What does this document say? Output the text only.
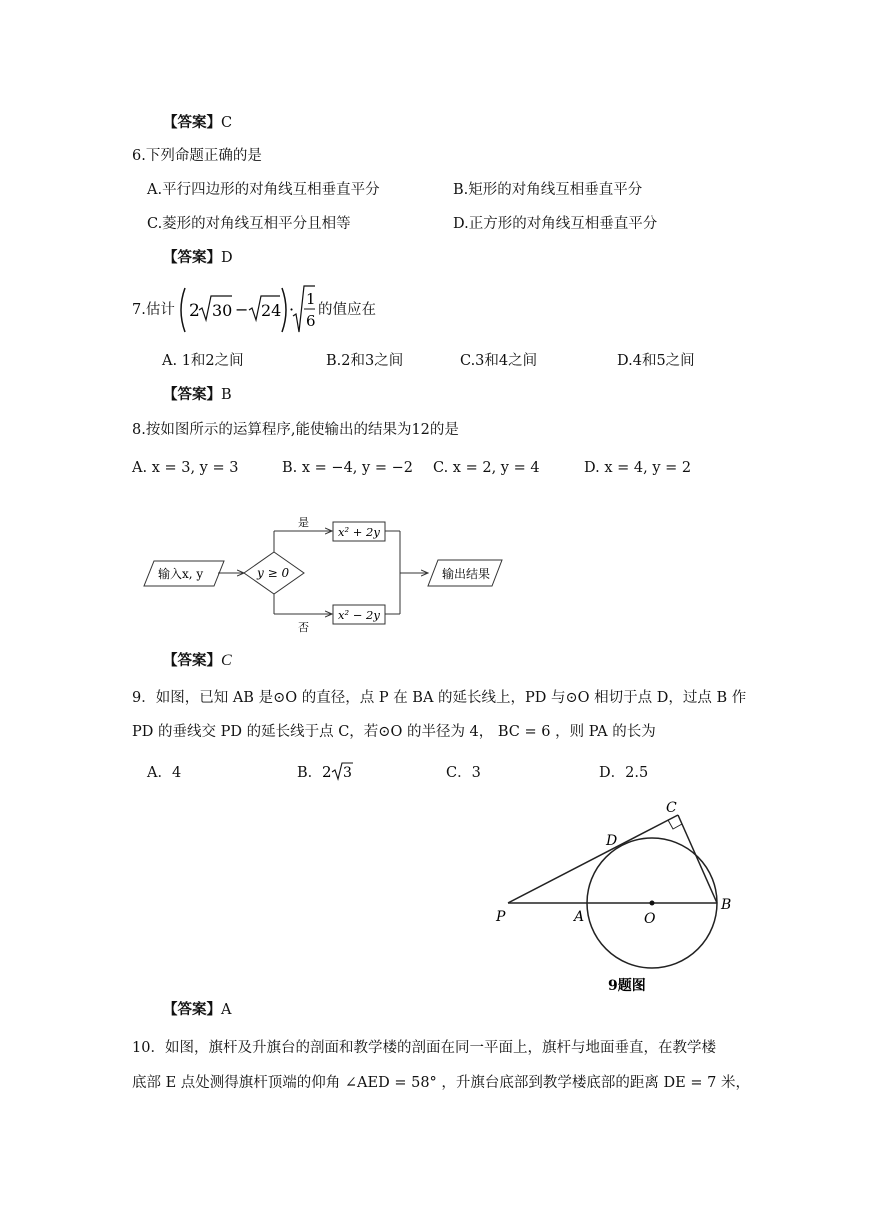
【答案】C
6.下列命题正确的是
A.平行四边形的对角线互相垂直平分	B.矩形的对角线互相垂直平分
C.菱形的对角线互相平分且相等	D.正方形的对角线互相垂直平分
【答案】D
7.估计 2 30 − 24 ·
1
6
的值应在
A. 1和2之间	B.2和3之间	C.3和4之间	D.4和5之间
【答案】B
8.按如图所示的运算程序,能使输出的结果为12的是
A. x = 3, y = 3	B. x = −4, y = −2 C. x = 2, y = 4	D. x = 4, y = 2
输入x, y	y ≥ 0
是
x² + 2y
否
x² − 2y
输出结果
【答案】C
9．如图，已知 AB 是⊙O 的直径，点 P 在 BA 的延长线上，PD 与⊙O 相切于点 D，过点 B 作
PD 的垂线交 PD 的延长线于点 C，若⊙O 的半径为 4， BC = 6 ，则 PA 的长为
A．4	B． 2 3	C．3	D．2.5
P	A	O
B
C
D
9题图
【答案】A
10．如图，旗杆及升旗台的剖面和教学楼的剖面在同一平面上，旗杆与地面垂直，在教学楼
底部 E 点处测得旗杆顶端的仰角 ∠AED = 58° ，升旗台底部到教学楼底部的距离 DE = 7 米，
